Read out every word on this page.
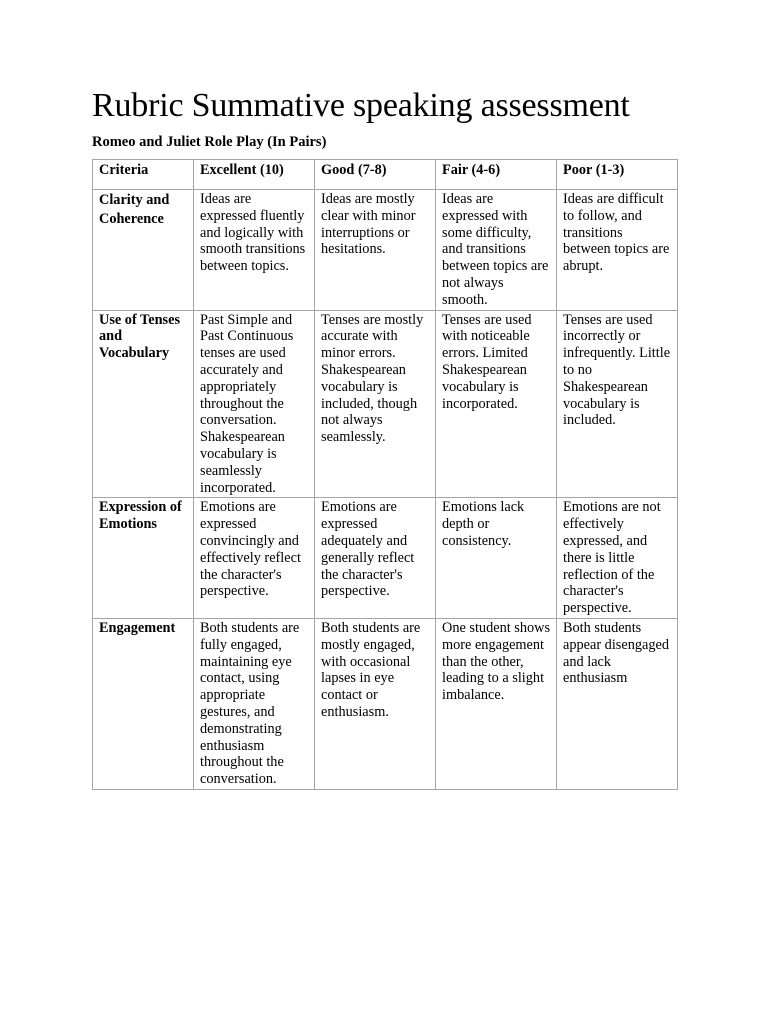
Rubric Summative speaking assessment

Romeo and Juliet Role Play (In Pairs)

Criteria	Excellent (10)	Good (7-8)	Fair (4-6)	Poor (1-3)

Clarity and Coherence	Ideas are expressed fluently and logically with smooth transitions between topics.	Ideas are mostly clear with minor interruptions or hesitations.	Ideas are expressed with some difficulty, and transitions between topics are not always smooth.	Ideas are difficult to follow, and transitions between topics are abrupt.
Use of Tenses and Vocabulary	Past Simple and Past Continuous tenses are used accurately and appropriately throughout the conversation. Shakespearean vocabulary is seamlessly incorporated.	Tenses are mostly accurate with minor errors. Shakespearean vocabulary is included, though not always seamlessly.	Tenses are used with noticeable errors. Limited Shakespearean vocabulary is incorporated.	Tenses are used incorrectly or infrequently. Little to no Shakespearean vocabulary is included.
Expression of Emotions	Emotions are expressed convincingly and effectively reflect the character's perspective.	Emotions are expressed adequately and generally reflect the character's perspective.	Emotions lack depth or consistency.	Emotions are not effectively expressed, and there is little reflection of the character's perspective.
Engagement	Both students are fully engaged, maintaining eye contact, using appropriate gestures, and demonstrating enthusiasm throughout the conversation.	Both students are mostly engaged, with occasional lapses in eye contact or enthusiasm.	One student shows more engagement than the other, leading to a slight imbalance.	Both students appear disengaged and lack enthusiasm
